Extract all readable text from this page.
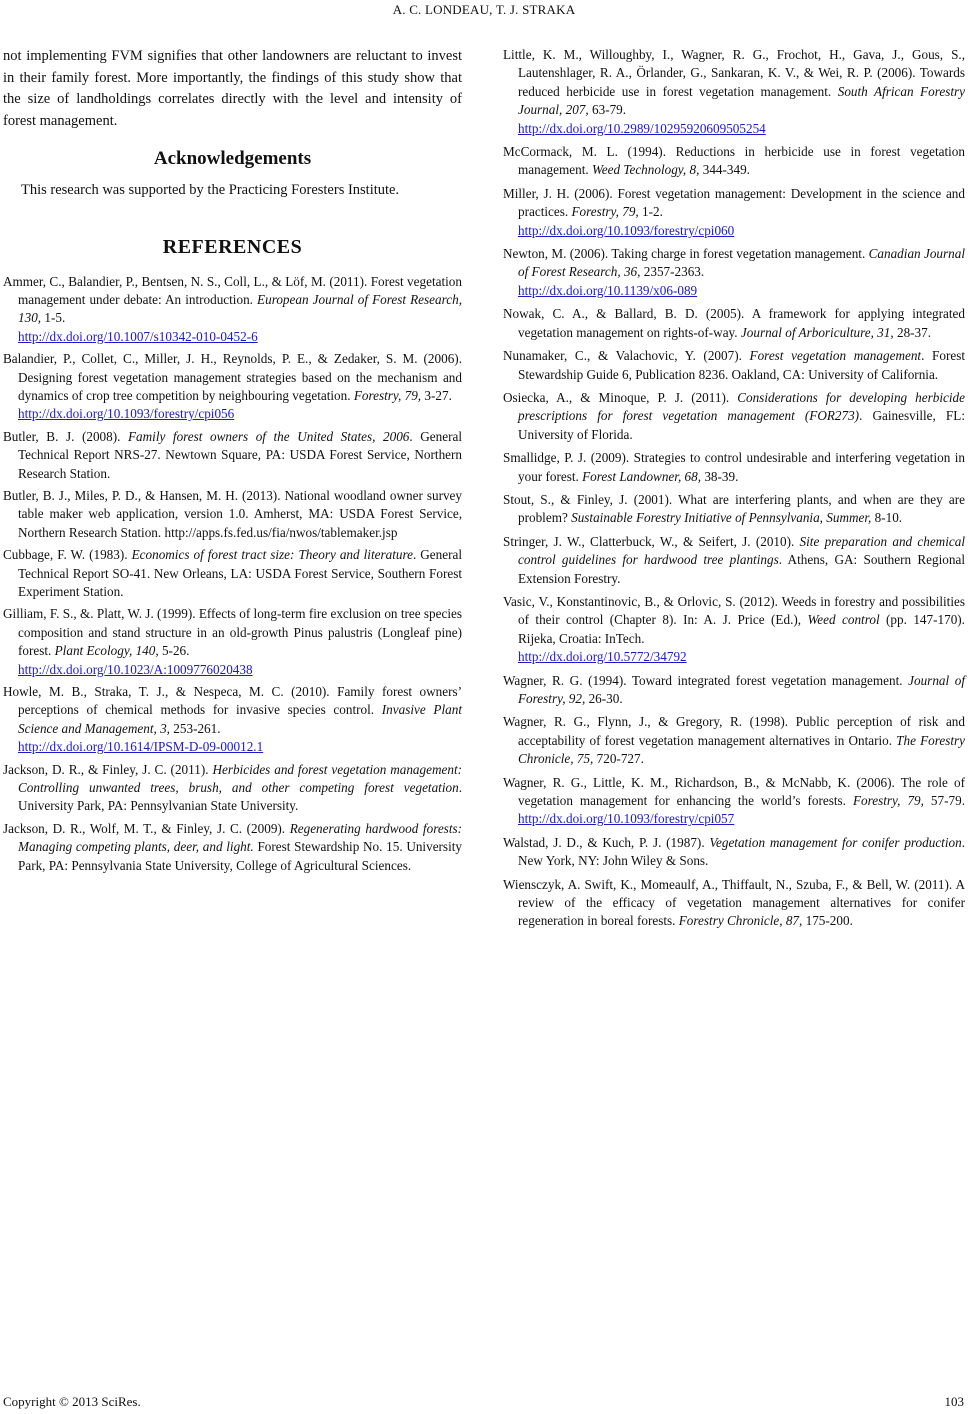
A. C. LONDEAU, T. J. STRAKA

not implementing FVM signifies that other landowners are reluctant to invest in their family forest. More importantly, the findings of this study show that the size of landholdings correlates directly with the level and intensity of forest management.

Acknowledgements

This research was supported by the Practicing Foresters Institute.

REFERENCES
Ammer, C., Balandier, P., Bentsen, N. S., Coll, L., & Löf, M. (2011). Forest vegetation management under debate: An introduction. European Journal of Forest Research, 130, 1-5.
http://dx.doi.org/10.1007/s10342-010-0452-6
Balandier, P., Collet, C., Miller, J. H., Reynolds, P. E., & Zedaker, S. M. (2006). Designing forest vegetation management strategies based on the mechanism and dynamics of crop tree competition by neighbouring vegetation. Forestry, 79, 3-27.
http://dx.doi.org/10.1093/forestry/cpi056
Butler, B. J. (2008). Family forest owners of the United States, 2006. General Technical Report NRS-27. Newtown Square, PA: USDA Forest Service, Northern Research Station.
Butler, B. J., Miles, P. D., & Hansen, M. H. (2013). National woodland owner survey table maker web application, version 1.0. Amherst, MA: USDA Forest Service, Northern Research Station. http://apps.fs.fed.us/fia/nwos/tablemaker.jsp
Cubbage, F. W. (1983). Economics of forest tract size: Theory and literature. General Technical Report SO-41. New Orleans, LA: USDA Forest Service, Southern Forest Experiment Station.
Gilliam, F. S., &. Platt, W. J. (1999). Effects of long-term fire exclusion on tree species composition and stand structure in an old-growth Pinus palustris (Longleaf pine) forest. Plant Ecology, 140, 5-26.
http://dx.doi.org/10.1023/A:1009776020438
Howle, M. B., Straka, T. J., & Nespeca, M. C. (2010). Family forest owners’ perceptions of chemical methods for invasive species control. Invasive Plant Science and Management, 3, 253-261.
http://dx.doi.org/10.1614/IPSM-D-09-00012.1
Jackson, D. R., & Finley, J. C. (2011). Herbicides and forest vegetation management: Controlling unwanted trees, brush, and other competing forest vegetation. University Park, PA: Pennsylvanian State University.
Jackson, D. R., Wolf, M. T., & Finley, J. C. (2009). Regenerating hardwood forests: Managing competing plants, deer, and light. Forest Stewardship No. 15. University Park, PA: Pennsylvania State University, College of Agricultural Sciences.
Little, K. M., Willoughby, I., Wagner, R. G., Frochot, H., Gava, J., Gous, S., Lautenshlager, R. A., Örlander, G., Sankaran, K. V., & Wei, R. P. (2006). Towards reduced herbicide use in forest vegetation management. South African Forestry Journal, 207, 63-79.
http://dx.doi.org/10.2989/10295920609505254
McCormack, M. L. (1994). Reductions in herbicide use in forest vegetation management. Weed Technology, 8, 344-349.
Miller, J. H. (2006). Forest vegetation management: Development in the science and practices. Forestry, 79, 1-2.
http://dx.doi.org/10.1093/forestry/cpi060
Newton, M. (2006). Taking charge in forest vegetation management. Canadian Journal of Forest Research, 36, 2357-2363.
http://dx.doi.org/10.1139/x06-089
Nowak, C. A., & Ballard, B. D. (2005). A framework for applying integrated vegetation management on rights-of-way. Journal of Arboriculture, 31, 28-37.
Nunamaker, C., & Valachovic, Y. (2007). Forest vegetation management. Forest Stewardship Guide 6, Publication 8236. Oakland, CA: University of California.
Osiecka, A., & Minoque, P. J. (2011). Considerations for developing herbicide prescriptions for forest vegetation management (FOR273). Gainesville, FL: University of Florida.
Smallidge, P. J. (2009). Strategies to control undesirable and interfering vegetation in your forest. Forest Landowner, 68, 38-39.
Stout, S., & Finley, J. (2001). What are interfering plants, and when are they are problem? Sustainable Forestry Initiative of Pennsylvania, Summer, 8-10.
Stringer, J. W., Clatterbuck, W., & Seifert, J. (2010). Site preparation and chemical control guidelines for hardwood tree plantings. Athens, GA: Southern Regional Extension Forestry.
Vasic, V., Konstantinovic, B., & Orlovic, S. (2012). Weeds in forestry and possibilities of their control (Chapter 8). In: A. J. Price (Ed.), Weed control (pp. 147-170). Rijeka, Croatia: InTech.
http://dx.doi.org/10.5772/34792
Wagner, R. G. (1994). Toward integrated forest vegetation management. Journal of Forestry, 92, 26-30.
Wagner, R. G., Flynn, J., & Gregory, R. (1998). Public perception of risk and acceptability of forest vegetation management alternatives in Ontario. The Forestry Chronicle, 75, 720-727.
Wagner, R. G., Little, K. M., Richardson, B., & McNabb, K. (2006). The role of vegetation management for enhancing the world’s forests. Forestry, 79, 57-79. http://dx.doi.org/10.1093/forestry/cpi057
Walstad, J. D., & Kuch, P. J. (1987). Vegetation management for conifer production. New York, NY: John Wiley & Sons.
Wiensczyk, A. Swift, K., Momeaulf, A., Thiffault, N., Szuba, F., & Bell, W. (2011). A review of the efficacy of vegetation management alternatives for conifer regeneration in boreal forests. Forestry Chronicle, 87, 175-200.
Copyright © 2013 SciRes.	103
